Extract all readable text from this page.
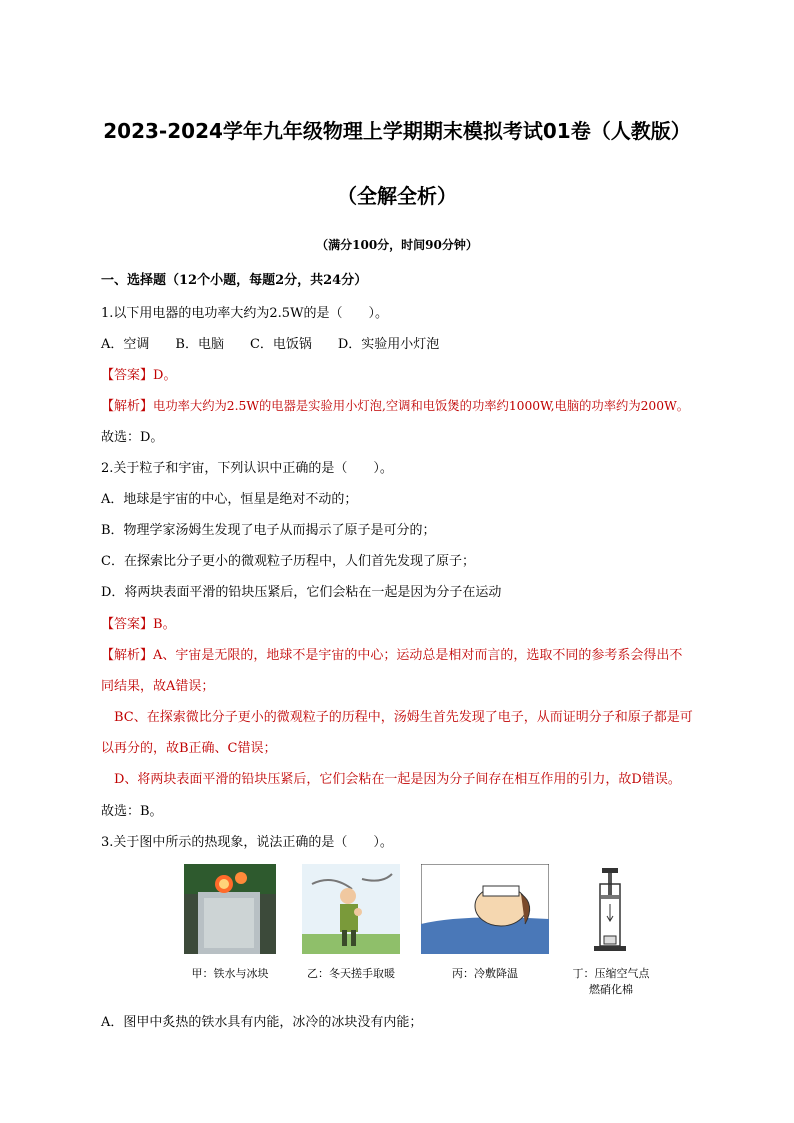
2023-2024学年九年级物理上学期期末模拟考试01卷（人教版）
（全解全析）
（满分100分，时间90分钟）
一、选择题（12个小题，每题2分，共24分）
1.以下用电器的电功率大约为2.5W的是（　　）。
A．空调　　B．电脑　　C．电饭锅　　D．实验用小灯泡
【答案】D。
【解析】电功率大约为2.5W的电器是实验用小灯泡,空调和电饭煲的功率约1000W,电脑的功率约为200W。
故选：D。
2.关于粒子和宇宙，下列认识中正确的是（　　）。
A．地球是宇宙的中心，恒星是绝对不动的；
B．物理学家汤姆生发现了电子从而揭示了原子是可分的；
C．在探索比分子更小的微观粒子历程中，人们首先发现了原子；
D．将两块表面平滑的铅块压紧后，它们会粘在一起是因为分子在运动
【答案】B。
【解析】A、宇宙是无限的，地球不是宇宙的中心；运动总是相对而言的，选取不同的参考系会得出不
同结果，故A错误；
BC、在探索微比分子更小的微观粒子的历程中，汤姆生首先发现了电子，从而证明分子和原子都是可
以再分的，故B正确、C错误；
D、将两块表面平滑的铅块压紧后，它们会粘在一起是因为分子间存在相互作用的引力，故D错误。
故选：B。
3.关于图中所示的热现象，说法正确的是（　　）。
甲：铁水与冰块	乙：冬天搓手取暖	丙：冷敷降温	丁：压缩空气点
燃硝化棉
A．图甲中炙热的铁水具有内能，冰冷的冰块没有内能；
